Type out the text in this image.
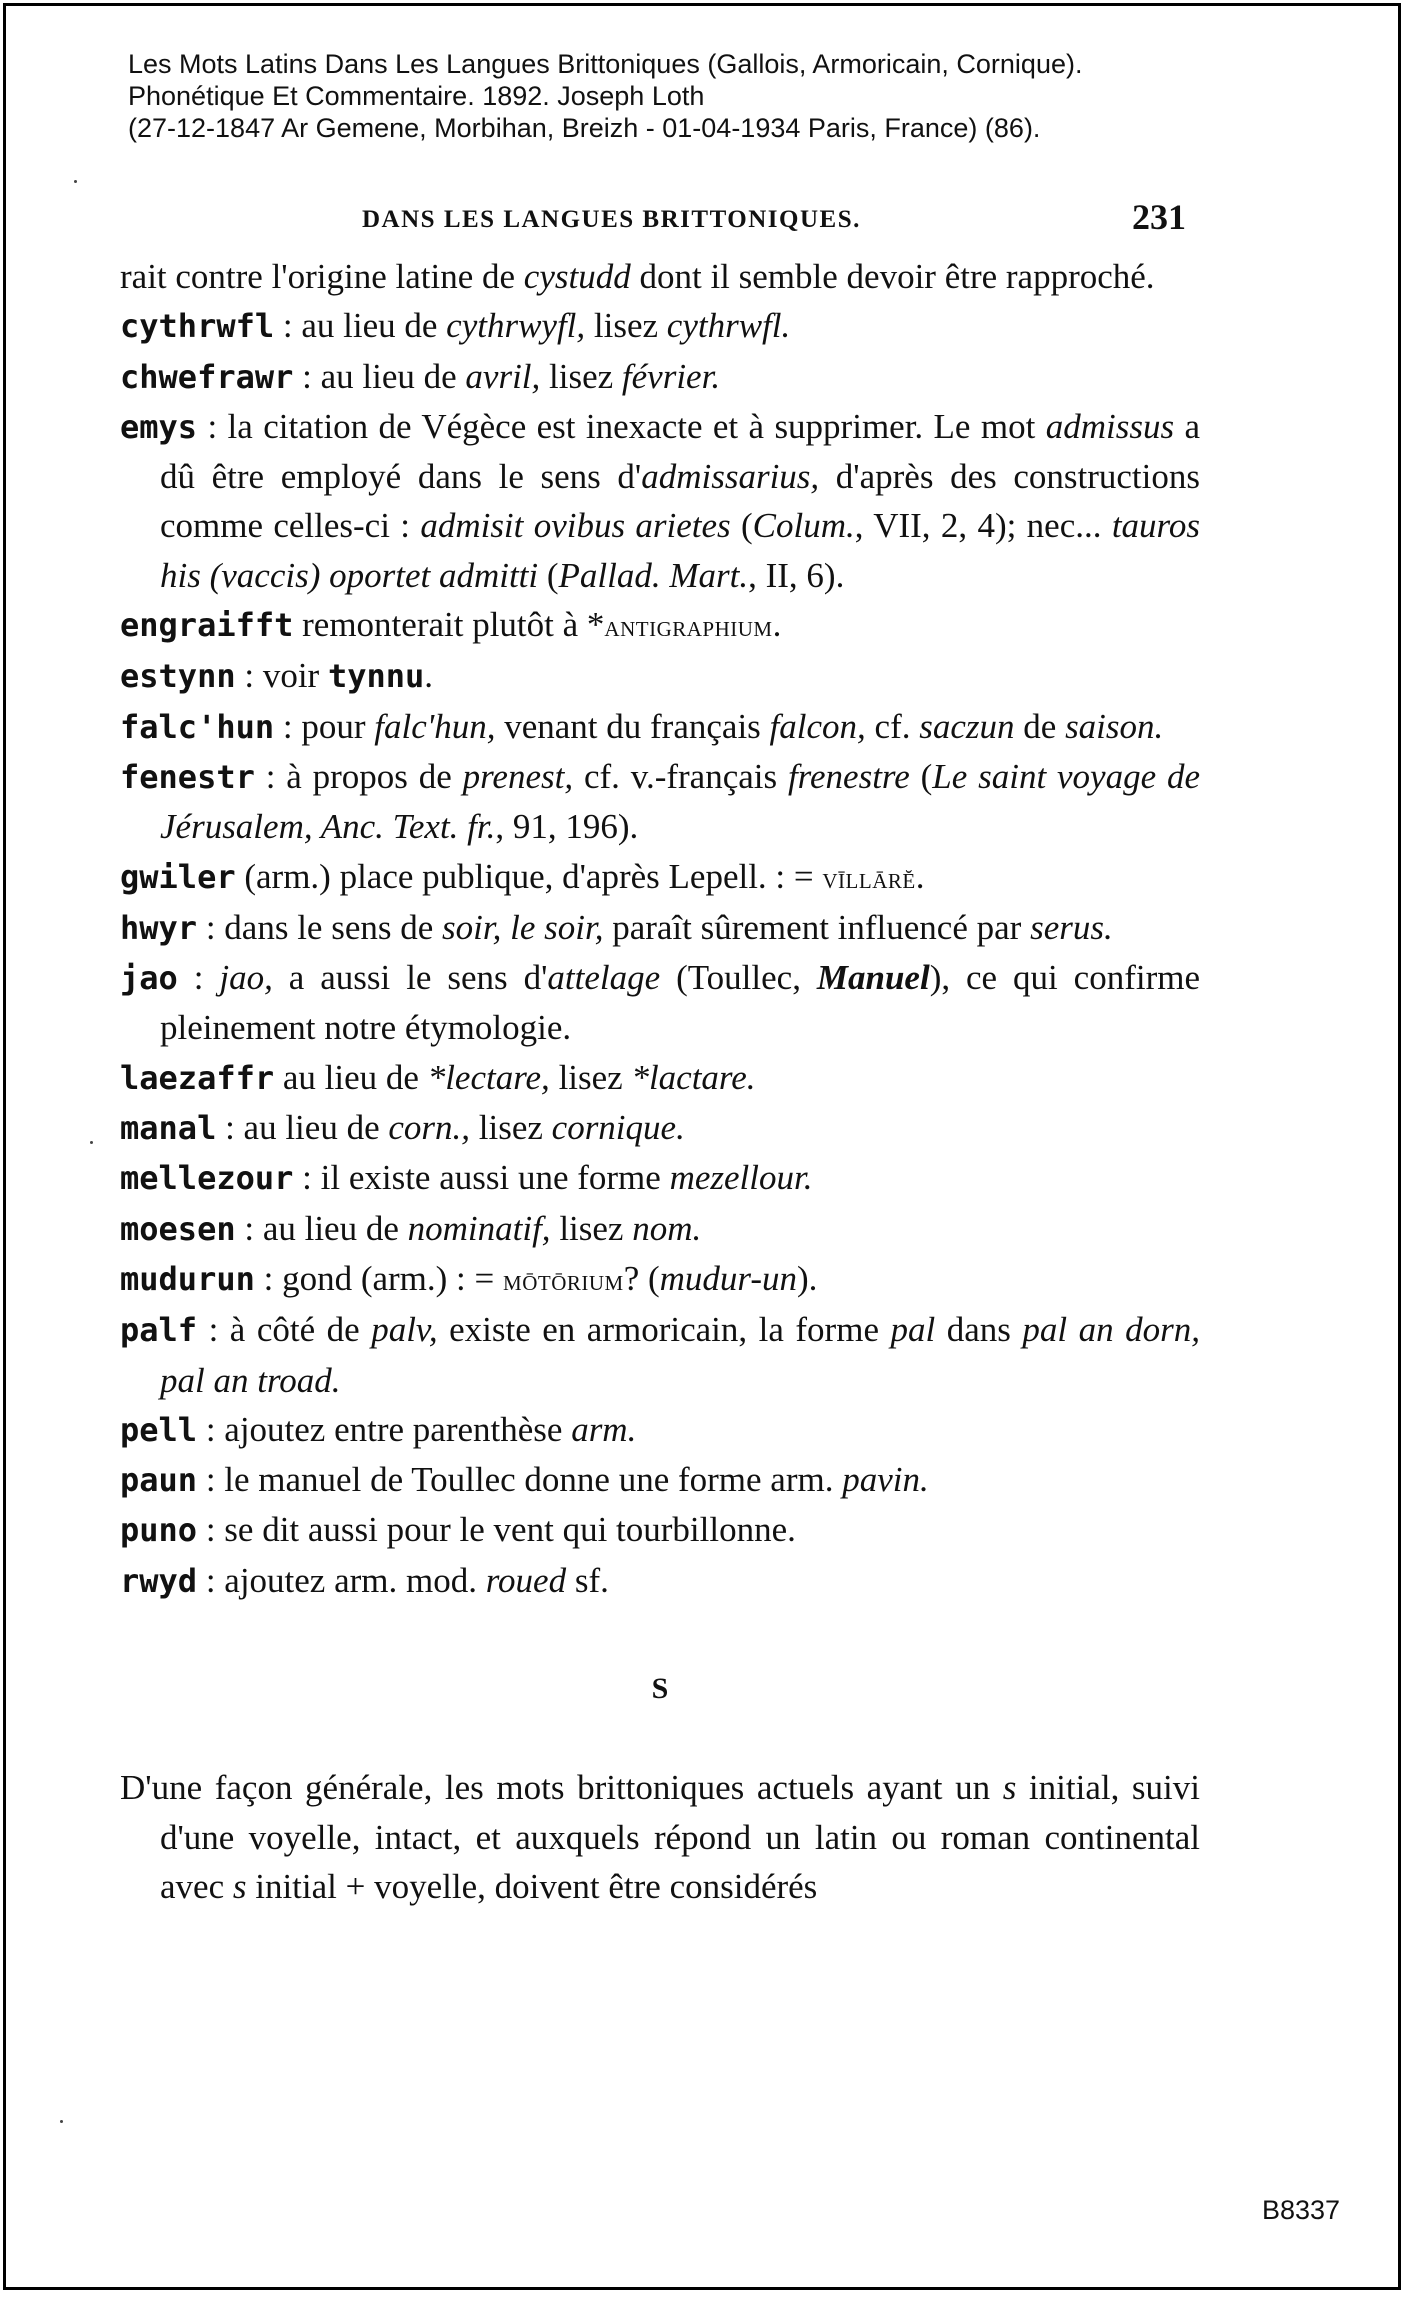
Les Mots Latins Dans Les Langues Brittoniques (Gallois, Armoricain, Cornique).
Phonétique Et Commentaire. 1892. Joseph Loth
(27-12-1847 Ar Gemene, Morbihan, Breizh - 01-04-1934 Paris, France) (86).
DANS LES LANGUES BRITTONIQUES.	231
rait contre l'origine latine de cystudd dont il semble devoir être rapproché.
cythrwfl : au lieu de cythrwyfl, lisez cythrwfl.
chwefrawr : au lieu de avril, lisez février.
emys : la citation de Végèce est inexacte et à supprimer. Le mot admissus a dû être employé dans le sens d'admissarius, d'après des constructions comme celles-ci : admisit ovibus arietes (Colum., VII, 2, 4); nec... tauros his (vaccis) oportet admitti (Pallad. Mart., II, 6).
engraifft remonterait plutôt à *antigraphium.
estynn : voir tynnu.
falc'hun : pour falc'hun, venant du français falcon, cf. saczun de saison.
fenestr : à propos de prenest, cf. v.-français frenestre (Le saint voyage de Jérusalem, Anc. Text. fr., 91, 196).
gwiler (arm.) place publique, d'après Lepell. : = vīllārĕ.
hwyr : dans le sens de soir, le soir, paraît sûrement influencé par serus.
jao : jao, a aussi le sens d'attelage (Toullec, Manuel), ce qui confirme pleinement notre étymologie.
laezaffr au lieu de *lectare, lisez *lactare.
manal : au lieu de corn., lisez cornique.
mellezour : il existe aussi une forme mezellour.
moesen : au lieu de nominatif, lisez nom.
mudurun : gond (arm.) : = mōtōrium? (mudur-un).
palf : à côté de palv, existe en armoricain, la forme pal dans pal an dorn, pal an troad.
pell : ajoutez entre parenthèse arm.
paun : le manuel de Toullec donne une forme arm. pavin.
puno : se dit aussi pour le vent qui tourbillonne.
rwyd : ajoutez arm. mod. roued sf.
S
D'une façon générale, les mots brittoniques actuels ayant un s initial, suivi d'une voyelle, intact, et auxquels répond un latin ou roman continental avec s initial + voyelle, doivent être considérés
B8337
